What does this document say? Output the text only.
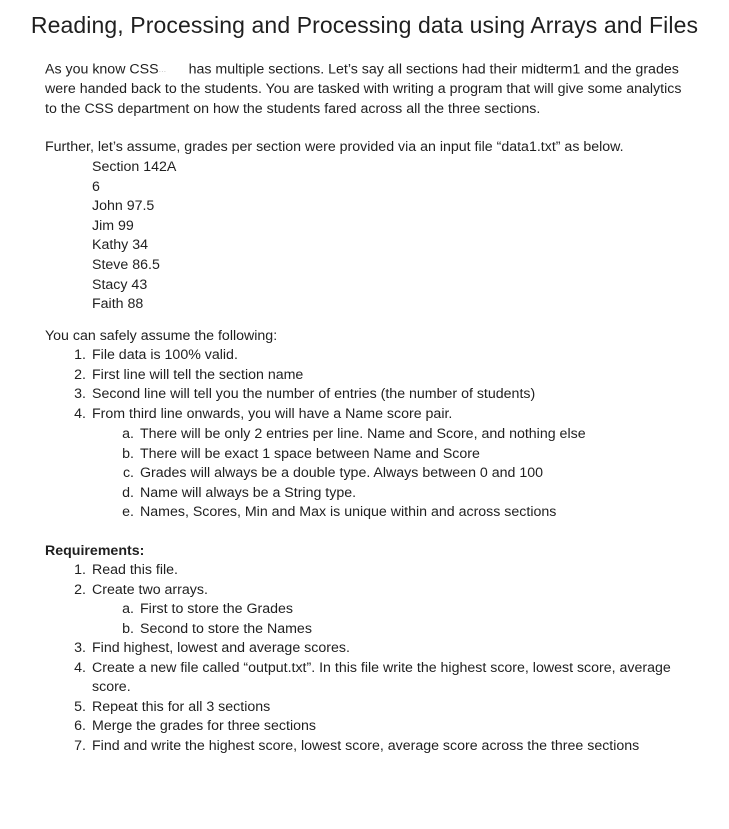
Reading, Processing and Processing data using Arrays and Files
As you know CSS... has multiple sections. Let’s say all sections had their midterm1 and the grades were handed back to the students. You are tasked with writing a program that will give some analytics to the CSS department on how the students fared across all the three sections.
Further, let’s assume, grades per section were provided via an input file “data1.txt” as below.
Section 142A
6
John 97.5
Jim 99
Kathy 34
Steve 86.5
Stacy 43
Faith 88
You can safely assume the following:
1. File data is 100% valid.
2. First line will tell the section name
3. Second line will tell you the number of entries (the number of students)
4. From third line onwards, you will have a Name score pair.
a. There will be only 2 entries per line. Name and Score, and nothing else
b. There will be exact 1 space between Name and Score
c. Grades will always be a double type. Always between 0 and 100
d. Name will always be a String type.
e. Names, Scores, Min and Max is unique within and across sections
Requirements:
1. Read this file.
2. Create two arrays.
a. First to store the Grades
b. Second to store the Names
3. Find highest, lowest and average scores.
4. Create a new file called “output.txt”. In this file write the highest score, lowest score, average score.
5. Repeat this for all 3 sections
6. Merge the grades for three sections
7. Find and write the highest score, lowest score, average score across the three sections
